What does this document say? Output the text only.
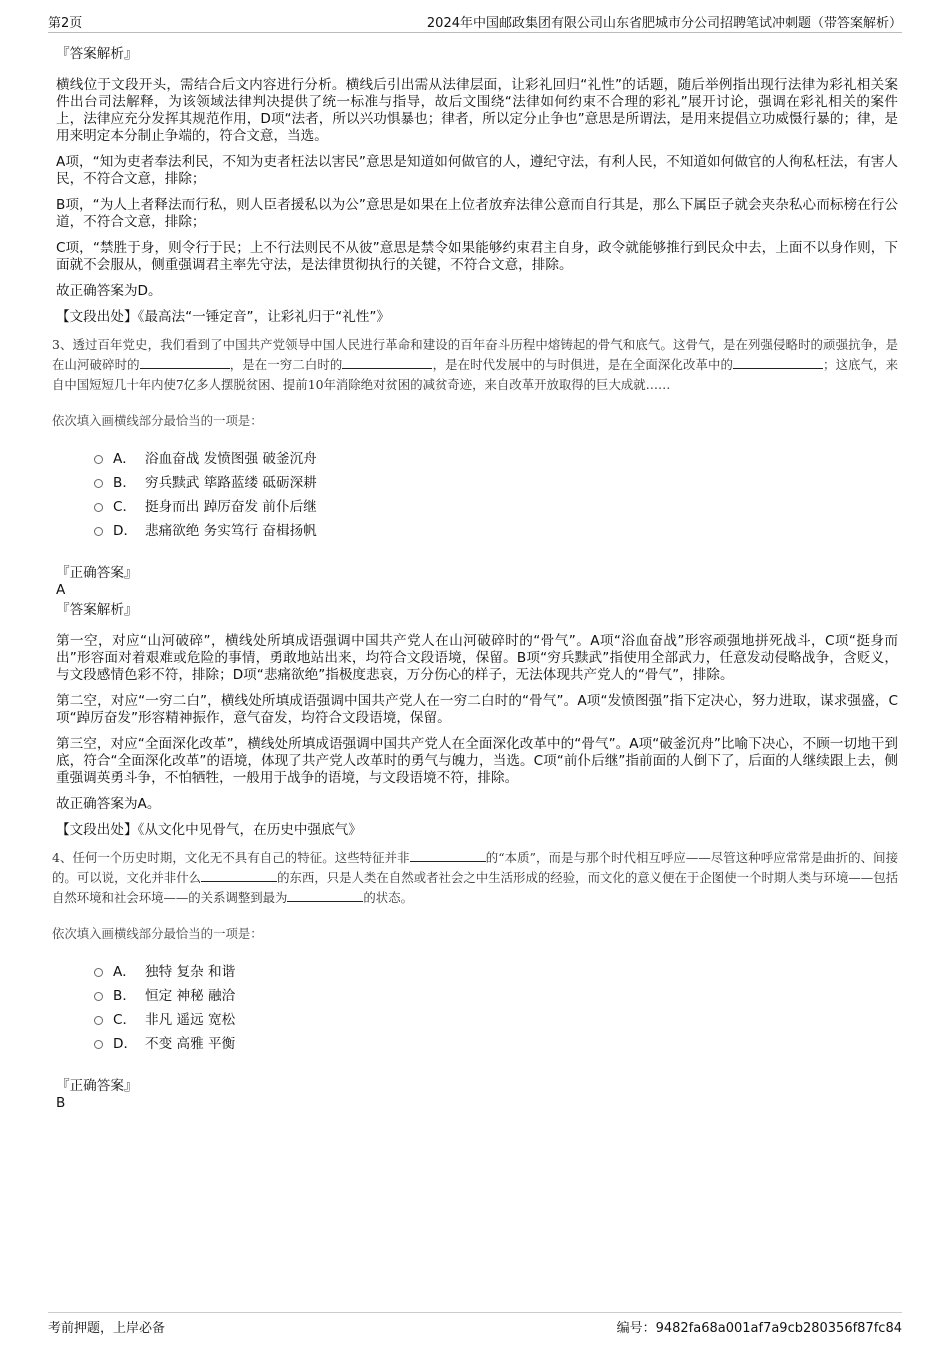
第2页	2024年中国邮政集团有限公司山东省肥城市分公司招聘笔试冲刺题（带答案解析）

『答案解析』

横线位于文段开头，需结合后文内容进行分析。横线后引出需从法律层面，让彩礼回归“礼性”的话题，随后举例指出现行法律为彩礼相关案件出台司法解释，为该领域法律判决提供了统一标准与指导，故后文围绕“法律如何约束不合理的彩礼”展开讨论，强调在彩礼相关的案件上，法律应充分发挥其规范作用，D项“法者，所以兴功惧暴也；律者，所以定分止争也”意思是所谓法，是用来提倡立功威慑行暴的；律，是用来明定本分制止争端的，符合文意，当选。

A项，“知为吏者奉法利民，不知为吏者枉法以害民”意思是知道如何做官的人，遵纪守法，有利人民，不知道如何做官的人徇私枉法，有害人民，不符合文意，排除；

B项，“为人上者释法而行私，则人臣者援私以为公”意思是如果在上位者放弃法律公意而自行其是，那么下属臣子就会夹杂私心而标榜在行公道，不符合文意，排除；

C项，“禁胜于身，则令行于民；上不行法则民不从彼”意思是禁令如果能够约束君主自身，政令就能够推行到民众中去，上面不以身作则，下面就不会服从，侧重强调君主率先守法，是法律贯彻执行的关键，不符合文意，排除。

故正确答案为D。

【文段出处】《最高法“一锤定音”，让彩礼归于“礼性”》

3、透过百年党史，我们看到了中国共产党领导中国人民进行革命和建设的百年奋斗历程中熔铸起的骨气和底气。这骨气，是在列强侵略时的顽强抗争，是在山河破碎时的	，是在一穷二白时的	，是在时代发展中的与时俱进，是在全面深化改革中的	；这底气，来自中国短短几十年内使7亿多人摆脱贫困、提前10年消除绝对贫困的减贫奇迹，来自改革开放取得的巨大成就……
依次填入画横线部分最恰当的一项是：
A． 浴血奋战 发愤图强 破釜沉舟
B． 穷兵黩武 筚路蓝缕 砥砺深耕
C． 挺身而出 踔厉奋发 前仆后继
D． 悲痛欲绝 务实笃行 奋楫扬帆

『正确答案』

A

『答案解析』

第一空，对应“山河破碎”，横线处所填成语强调中国共产党人在山河破碎时的“骨气”。A项“浴血奋战”形容顽强地拼死战斗，C项“挺身而出”形容面对着艰难或危险的事情，勇敢地站出来，均符合文段语境，保留。B项“穷兵黩武”指使用全部武力，任意发动侵略战争，含贬义，与文段感情色彩不符，排除；D项“悲痛欲绝”指极度悲哀，万分伤心的样子，无法体现共产党人的“骨气”，排除。

第二空，对应“一穷二白”，横线处所填成语强调中国共产党人在一穷二白时的“骨气”。A项“发愤图强”指下定决心，努力进取，谋求强盛，C项“踔厉奋发”形容精神振作，意气奋发，均符合文段语境，保留。

第三空，对应“全面深化改革”，横线处所填成语强调中国共产党人在全面深化改革中的“骨气”。A项“破釜沉舟”比喻下决心，不顾一切地干到底，符合“全面深化改革”的语境，体现了共产党人改革时的勇气与魄力，当选。C项“前仆后继”指前面的人倒下了，后面的人继续跟上去，侧重强调英勇斗争，不怕牺牲，一般用于战争的语境，与文段语境不符，排除。

故正确答案为A。

【文段出处】《从文化中见骨气，在历史中强底气》

4、任何一个历史时期，文化无不具有自己的特征。这些特征并非	的“本质”，而是与那个时代相互呼应——尽管这种呼应常常是曲折的、间接的。可以说，文化并非什么	的东西，只是人类在自然或者社会之中生活形成的经验，而文化的意义便在于企图使一个时期人类与环境——包括自然环境和社会环境——的关系调整到最为	的状态。
依次填入画横线部分最恰当的一项是：
A． 独特 复杂 和谐
B． 恒定 神秘 融洽
C． 非凡 遥远 宽松
D． 不变 高雅 平衡

『正确答案』

B

考前押题，上岸必备	编号：9482fa68a001af7a9cb280356f87fc84
